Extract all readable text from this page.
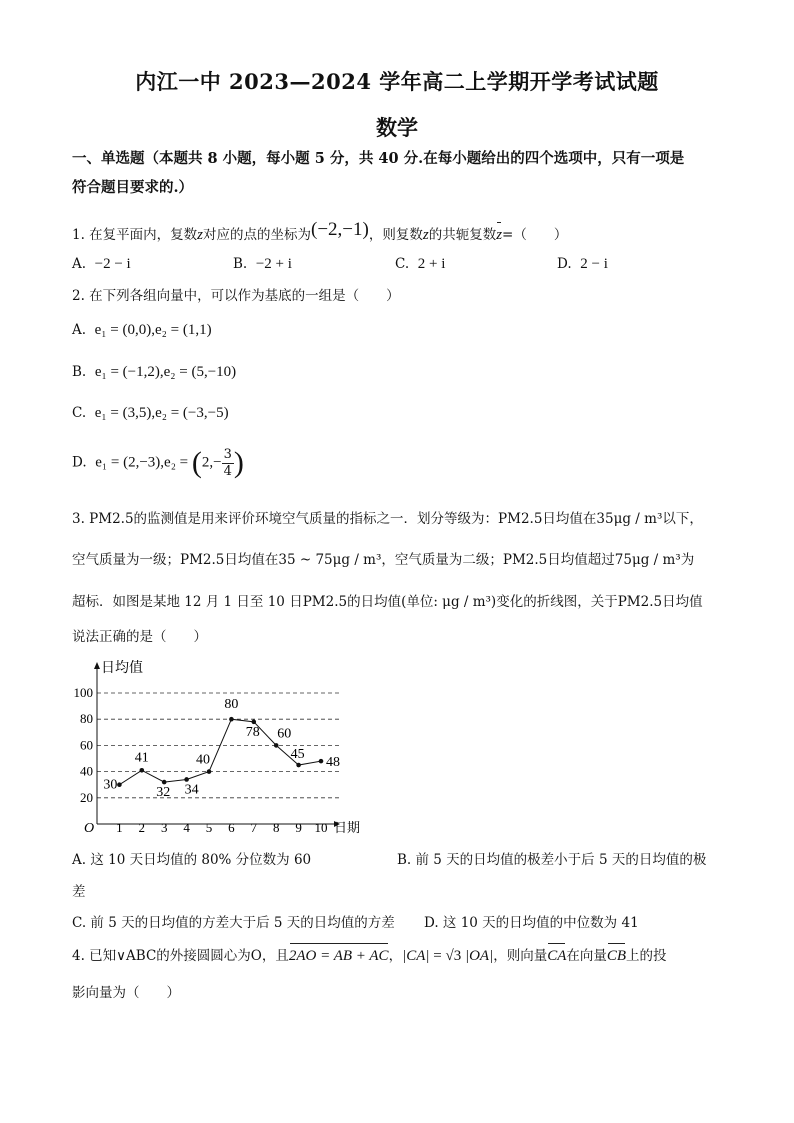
内江一中 2023—2024 学年高二上学期开学考试试题
数学
一、单选题（本题共 8 小题，每小题 5 分，共 40 分.在每小题给出的四个选项中，只有一项是
符合题目要求的.）
1. 在复平面内，复数z对应的点的坐标为(−2,−1)，则复数z的共轭复数z=（　　）
A. −2 − i	B. −2 + i	C. 2 + i	D. 2 − i
2. 在下列各组向量中，可以作为基底的一组是（　　）
A. e₁ = (0,0),e₂ = (1,1)
B. e₁ = (−1,2),e₂ = (5,−10)
C. e₁ = (3,5),e₂ = (−3,−5)
D. $e_1 = (2,-3),e_2 = (2,- \frac{3}{4}$ )
3. PM2.5的监测值是用来评价环境空气质量的指标之一．划分等级为：PM2.5日均值在35μg / m³以下，
空气质量为一级；PM2.5日均值在35 ~ 75μg / m³，空气质量为二级；PM2.5日均值超过75μg / m³为
超标．如图是某地 12 月 1 日至 10 日PM2.5的日均值(单位: μg / m³)变化的折线图，关于PM2.5日均值
说法正确的是（　　）
20
40
60
80
100
日均值
日期
O 1 2 3 4 5 6 7 8 9 10
30
41
32 34
40
80
78 60
45
48
A. 这 10 天日均值的 80% 分位数为 60	B. 前 5 天的日均值的极差小于后 5 天的日均值的极
差
C. 前 5 天的日均值的方差大于后 5 天的日均值的方差 D. 这 10 天的日均值的中位数为 41
4. 已知∨ABC的外接圆圆心为O，且2AO = AB + AC，|CA| = √3 |OA|，则向量CA在向量CB上的投
影向量为（　　）
